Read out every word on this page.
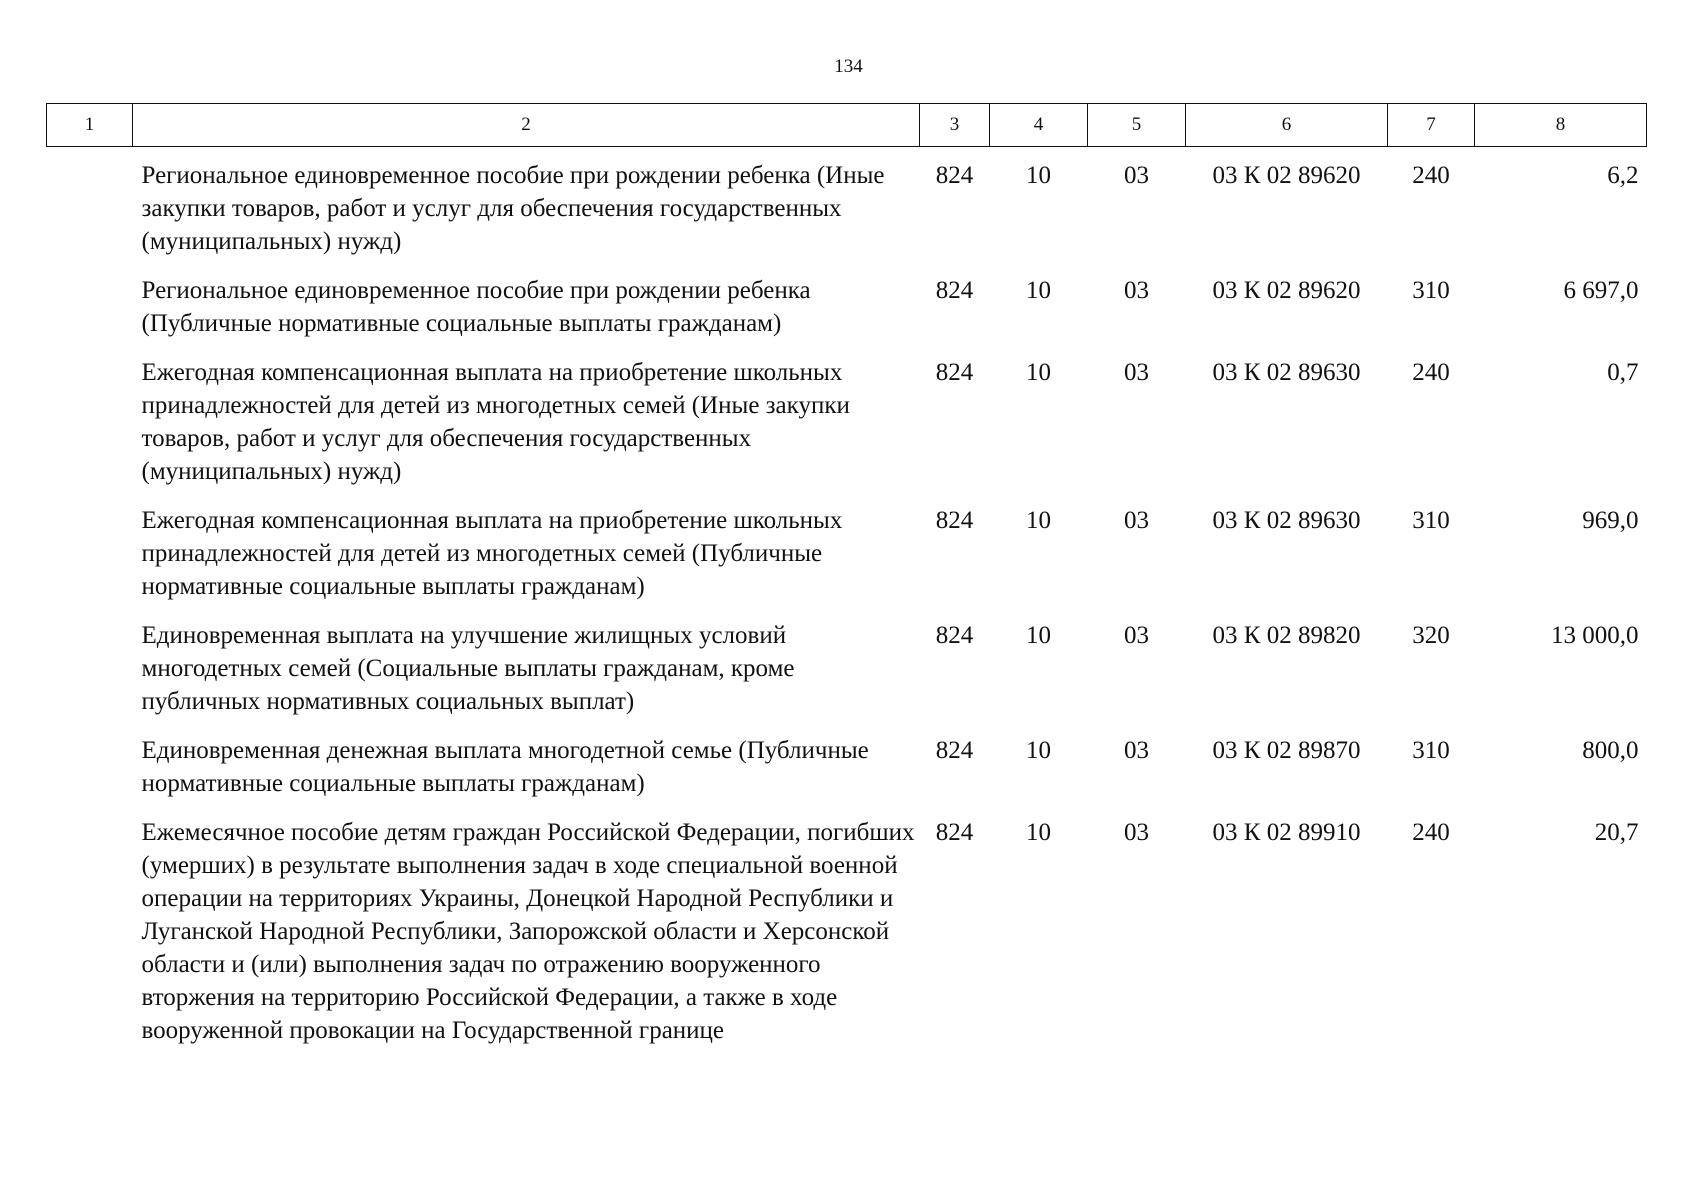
134
1	2	3	4	5	6	7	8
	Региональное единовременное пособие при рождении ребенка (Иные закупки товаров, работ и услуг для обеспечения государственных (муниципальных) нужд)	824	10	03	03 К 02 89620	240	6,2
	Региональное единовременное пособие при рождении ребенка (Публичные нормативные социальные выплаты гражданам)	824	10	03	03 К 02 89620	310	6 697,0
	Ежегодная компенсационная выплата на приобретение школьных принадлежностей для детей из многодетных семей (Иные закупки товаров, работ и услуг для обеспечения государственных (муниципальных) нужд)	824	10	03	03 К 02 89630	240	0,7
	Ежегодная компенсационная выплата на приобретение школьных принадлежностей для детей из многодетных семей (Публичные нормативные социальные выплаты гражданам)	824	10	03	03 К 02 89630	310	969,0
	Единовременная выплата на улучшение жилищных условий многодетных семей (Социальные выплаты гражданам, кроме публичных нормативных социальных выплат)	824	10	03	03 К 02 89820	320	13 000,0
	Единовременная денежная выплата многодетной семье (Публичные нормативные социальные выплаты гражданам)	824	10	03	03 К 02 89870	310	800,0
	Ежемесячное пособие детям граждан Российской Федерации, погибших (умерших) в результате выполнения задач в ходе специальной военной операции на территориях Украины, Донецкой Народной Республики и Луганской Народной Республики, Запорожской области и Херсонской области и (или) выполнения задач по отражению вооруженного вторжения на территорию Российской Федерации, а также в ходе вооруженной провокации на Государственной границе	824	10	03	03 К 02 89910	240	20,7
